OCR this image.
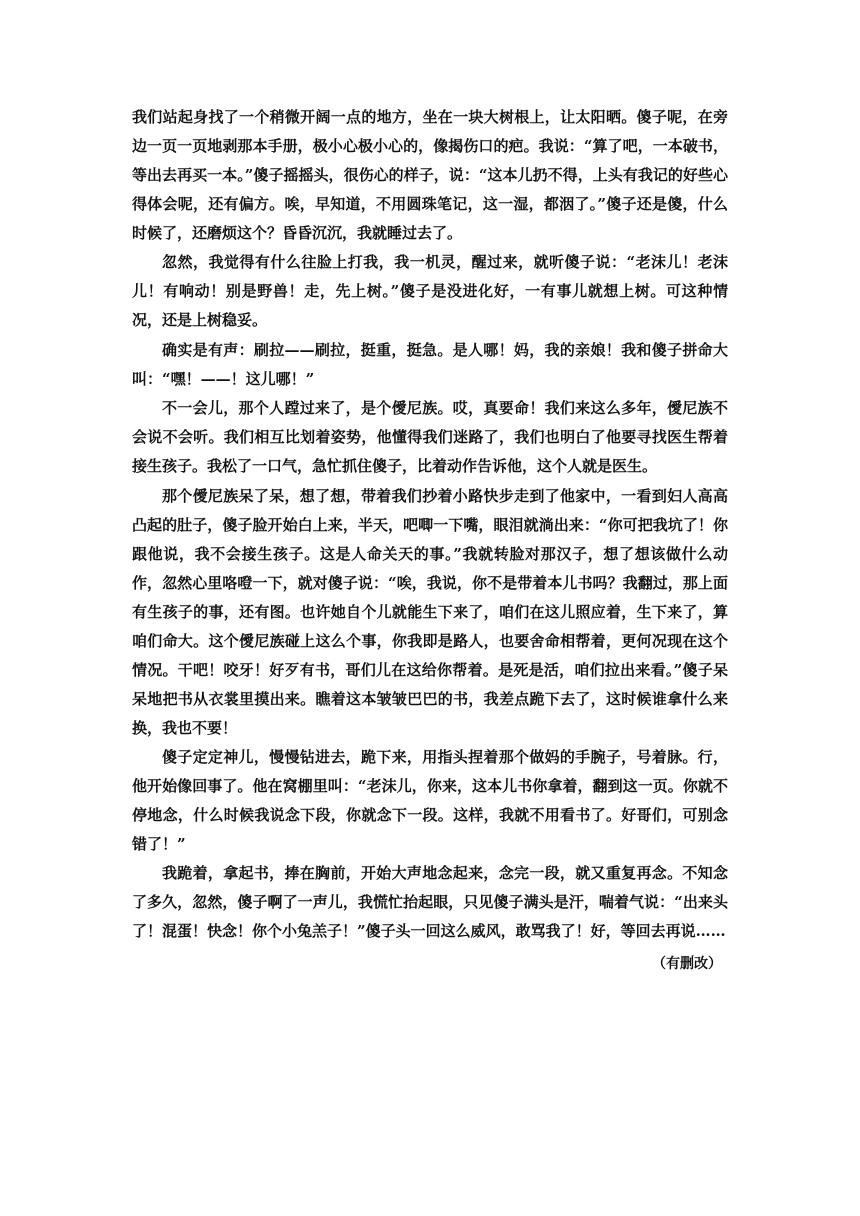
我们站起身找了一个稍微开阔一点的地方，坐在一块大树根上，让太阳晒。傻子呢，在旁边一页一页地剥那本手册，极小心极小心的，像揭伤口的疤。我说：“算了吧，一本破书，等出去再买一本。”傻子摇摇头，很伤心的样子，说：“这本儿扔不得，上头有我记的好些心得体会呢，还有偏方。唉，早知道，不用圆珠笔记，这一湿，都洇了。”傻子还是傻，什么时候了，还磨烦这个？昏昏沉沉，我就睡过去了。

忽然，我觉得有什么往脸上打我，我一机灵，醒过来，就听傻子说：“老沫儿！老沫儿！有响动！别是野兽！走，先上树。”傻子是没进化好，一有事儿就想上树。可这种情况，还是上树稳妥。

确实是有声：刷拉——刷拉，挺重，挺急。是人哪！妈，我的亲娘！我和傻子拼命大叫：“嘿！——！这儿哪！”

不一会儿，那个人蹚过来了，是个僾尼族。哎，真要命！我们来这么多年，僾尼族不会说不会听。我们相互比划着姿势，他懂得我们迷路了，我们也明白了他要寻找医生帮着接生孩子。我松了一口气，急忙抓住傻子，比着动作告诉他，这个人就是医生。

那个僾尼族呆了呆，想了想，带着我们抄着小路快步走到了他家中，一看到妇人高高凸起的肚子，傻子脸开始白上来，半天，吧唧一下嘴，眼泪就淌出来：“你可把我坑了！你跟他说，我不会接生孩子。这是人命关天的事。”我就转脸对那汉子，想了想该做什么动作，忽然心里咯噔一下，就对傻子说：“唉，我说，你不是带着本儿书吗？我翻过，那上面有生孩子的事，还有图。也许她自个儿就能生下来了，咱们在这儿照应着，生下来了，算咱们命大。这个僾尼族碰上这么个事，你我即是路人，也要舍命相帮着，更何况现在这个情况。干吧！咬牙！好歹有书，哥们儿在这给你帮着。是死是活，咱们拉出来看。”傻子呆呆地把书从衣裳里摸出来。瞧着这本皱皱巴巴的书，我差点跪下去了，这时候谁拿什么来换，我也不要！

傻子定定神儿，慢慢钻进去，跪下来，用指头捏着那个做妈的手腕子，号着脉。行，他开始像回事了。他在窝棚里叫：“老沫儿，你来，这本儿书你拿着，翻到这一页。你就不停地念，什么时候我说念下段，你就念下一段。这样，我就不用看书了。好哥们，可别念错了！”

我跪着，拿起书，捧在胸前，开始大声地念起来，念完一段，就又重复再念。不知念了多久，忽然，傻子啊了一声儿，我慌忙抬起眼，只见傻子满头是汗，喘着气说：“出来头了！混蛋！快念！你个小兔羔子！”傻子头一回这么威风，敢骂我了！好，等回去再说……

（有删改）
